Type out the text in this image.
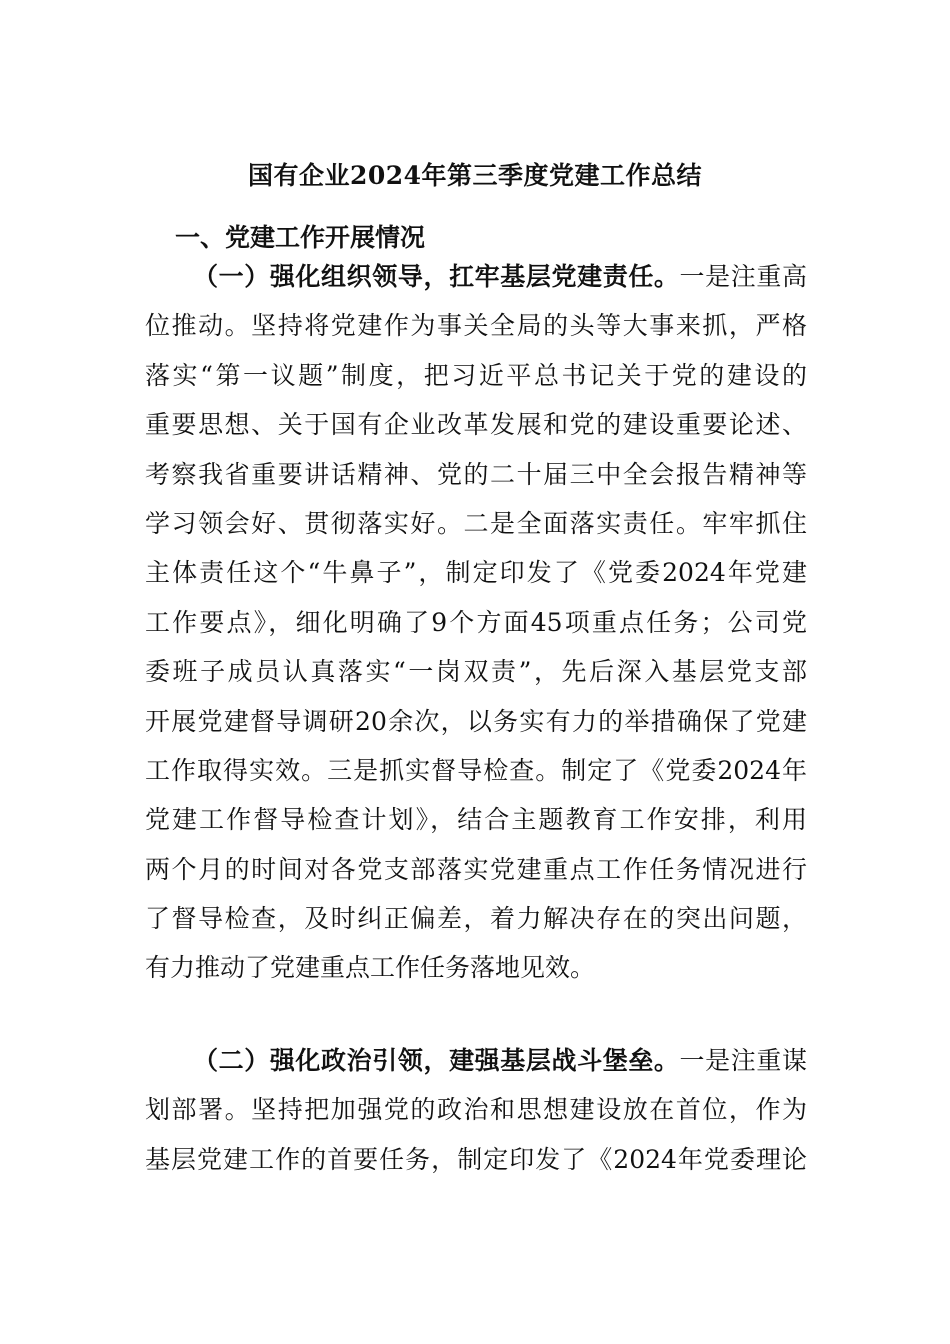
国有企业2024年第三季度党建工作总结
一、党建工作开展情况
（一）强化组织领导，扛牢基层党建责任。一是注重高
位推动。坚持将党建作为事关全局的头等大事来抓，严格
落实“第一议题”制度，把习近平总书记关于党的建设的
重要思想、关于国有企业改革发展和党的建设重要论述、
考察我省重要讲话精神、党的二十届三中全会报告精神等
学习领会好、贯彻落实好。二是全面落实责任。牢牢抓住
主体责任这个“牛鼻子”，制定印发了《党委2024年党建
工作要点》，细化明确了9个方面45项重点任务；公司党
委班子成员认真落实“一岗双责”，先后深入基层党支部
开展党建督导调研20余次，以务实有力的举措确保了党建
工作取得实效。三是抓实督导检查。制定了《党委2024年
党建工作督导检查计划》，结合主题教育工作安排，利用
两个月的时间对各党支部落实党建重点工作任务情况进行
了督导检查，及时纠正偏差，着力解决存在的突出问题，
有力推动了党建重点工作任务落地见效。
（二）强化政治引领，建强基层战斗堡垒。一是注重谋
划部署。坚持把加强党的政治和思想建设放在首位，作为
基层党建工作的首要任务，制定印发了《2024年党委理论
